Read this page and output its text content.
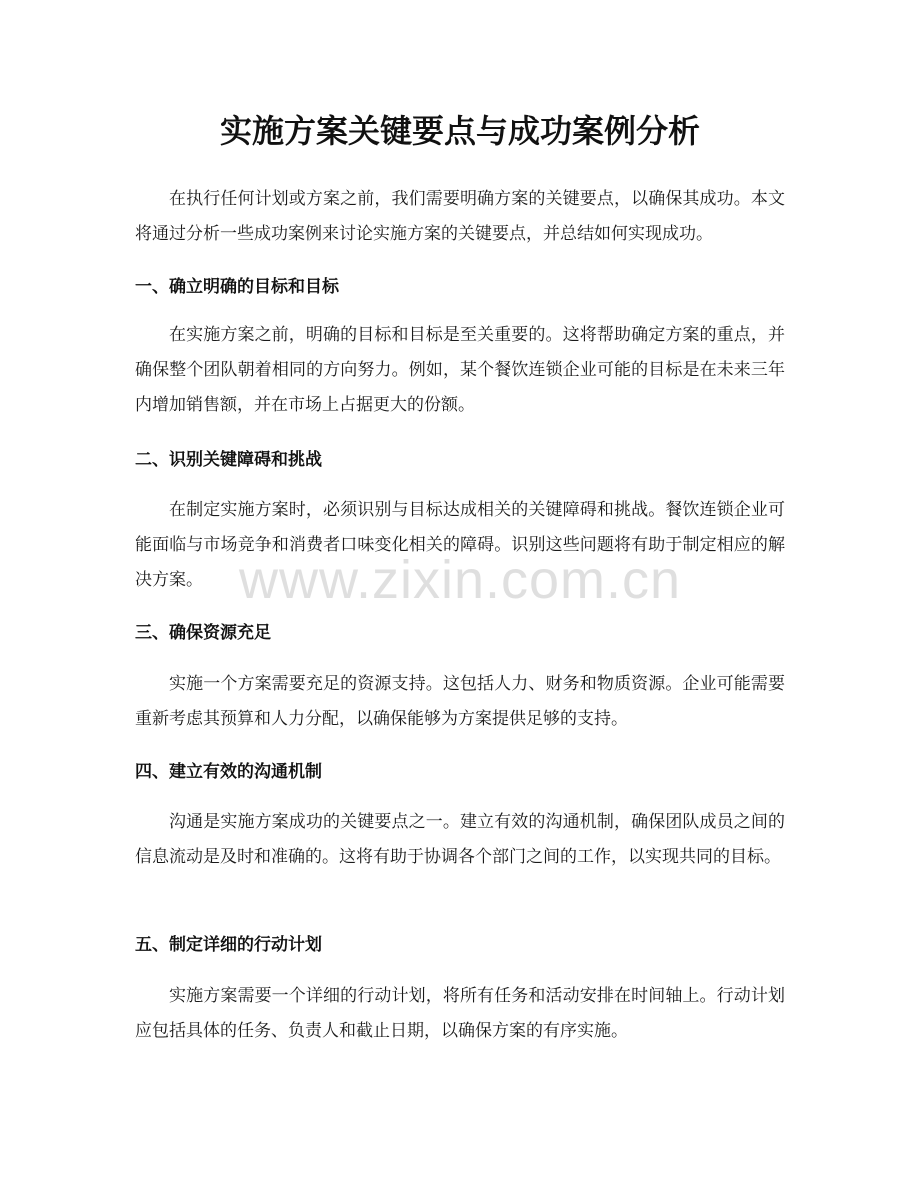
实施方案关键要点与成功案例分析

在执行任何计划或方案之前，我们需要明确方案的关键要点，以确保其成功。本文将通过分析一些成功案例来讨论实施方案的关键要点，并总结如何实现成功。

一、确立明确的目标和目标

在实施方案之前，明确的目标和目标是至关重要的。这将帮助确定方案的重点，并确保整个团队朝着相同的方向努力。例如，某个餐饮连锁企业可能的目标是在未来三年内增加销售额，并在市场上占据更大的份额。

二、识别关键障碍和挑战

在制定实施方案时，必须识别与目标达成相关的关键障碍和挑战。餐饮连锁企业可能面临与市场竞争和消费者口味变化相关的障碍。识别这些问题将有助于制定相应的解决方案。

三、确保资源充足

实施一个方案需要充足的资源支持。这包括人力、财务和物质资源。企业可能需要重新考虑其预算和人力分配，以确保能够为方案提供足够的支持。

四、建立有效的沟通机制

沟通是实施方案成功的关键要点之一。建立有效的沟通机制，确保团队成员之间的信息流动是及时和准确的。这将有助于协调各个部门之间的工作，以实现共同的目标。

五、制定详细的行动计划

实施方案需要一个详细的行动计划，将所有任务和活动安排在时间轴上。行动计划应包括具体的任务、负责人和截止日期，以确保方案的有序实施。

www.zixin.com.cn
